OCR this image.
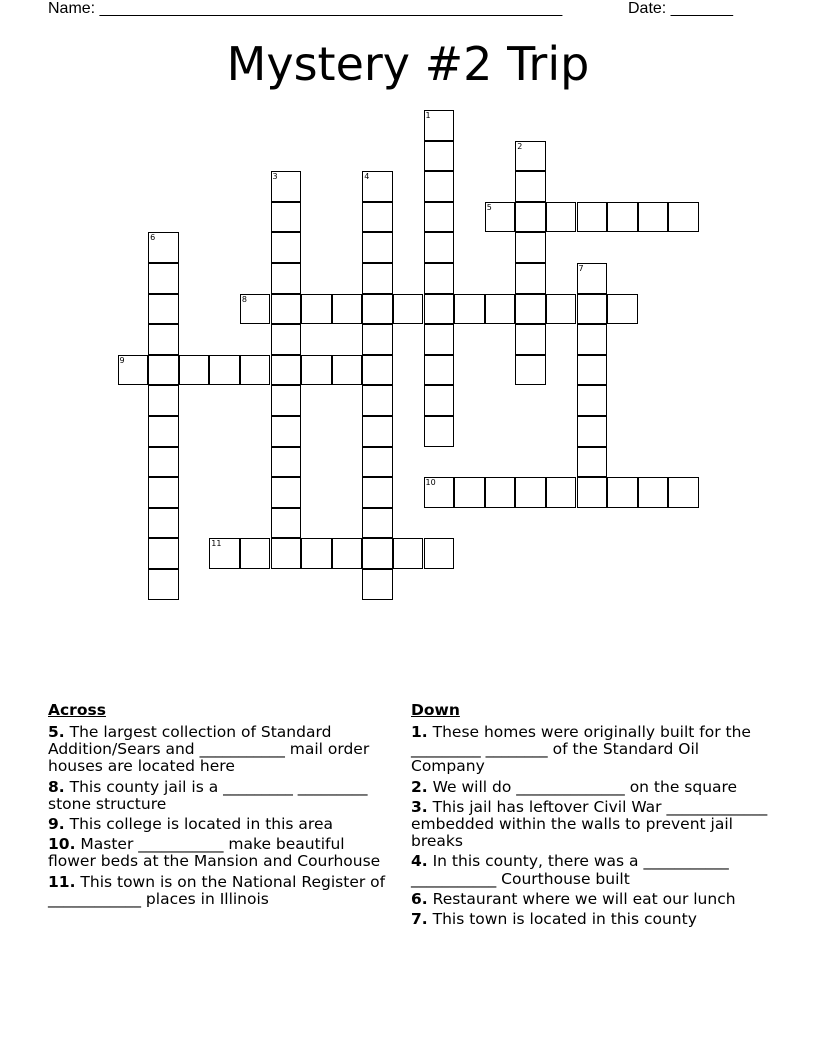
Name: ____________________________________________________	Date: _______
Mystery #2 Trip
1
2
3	4
5
6
7
8
9
10
11
Across
5. The largest collection of Standard Addition/Sears and ___________ mail order houses are located here
8. This county jail is a _________ _________ stone structure
9. This college is located in this area
10. Master ___________ make beautiful flower beds at the Mansion and Courhouse
11. This town is on the National Register of ____________ places in Illinois
Down
1. These homes were originally built for the _________ ________ of the Standard Oil Company
2. We will do ______________ on the square
3. This jail has leftover Civil War _____________ embedded within the walls to prevent jail breaks
4. In this county, there was a ___________ ___________ Courthouse built
6. Restaurant where we will eat our lunch
7. This town is located in this county
